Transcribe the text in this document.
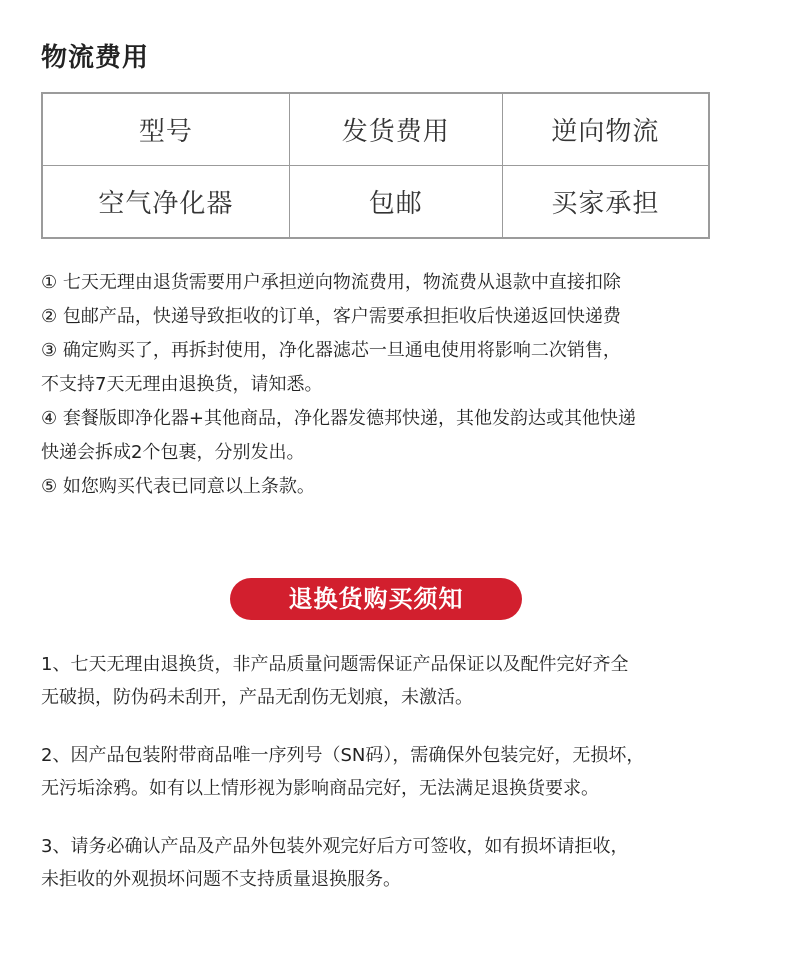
物流费用
型号	发货费用	逆向物流
空气净化器	包邮	买家承担
① 七天无理由退货需要用户承担逆向物流费用，物流费从退款中直接扣除
② 包邮产品，快递导致拒收的订单，客户需要承担拒收后快递返回快递费
③ 确定购买了，再拆封使用，净化器滤芯一旦通电使用将影响二次销售，
不支持7天无理由退换货，请知悉。
④ 套餐版即净化器+其他商品，净化器发德邦快递，其他发韵达或其他快递
快递会拆成2个包裹，分别发出。
⑤ 如您购买代表已同意以上条款。
退换货购买须知
1、七天无理由退换货，非产品质量问题需保证产品保证以及配件完好齐全
无破损，防伪码未刮开，产品无刮伤无划痕，未激活。
2、因产品包装附带商品唯一序列号（SN码），需确保外包装完好，无损坏，
无污垢涂鸦。如有以上情形视为影响商品完好，无法满足退换货要求。
3、请务必确认产品及产品外包装外观完好后方可签收，如有损坏请拒收，
未拒收的外观损坏问题不支持质量退换服务。
